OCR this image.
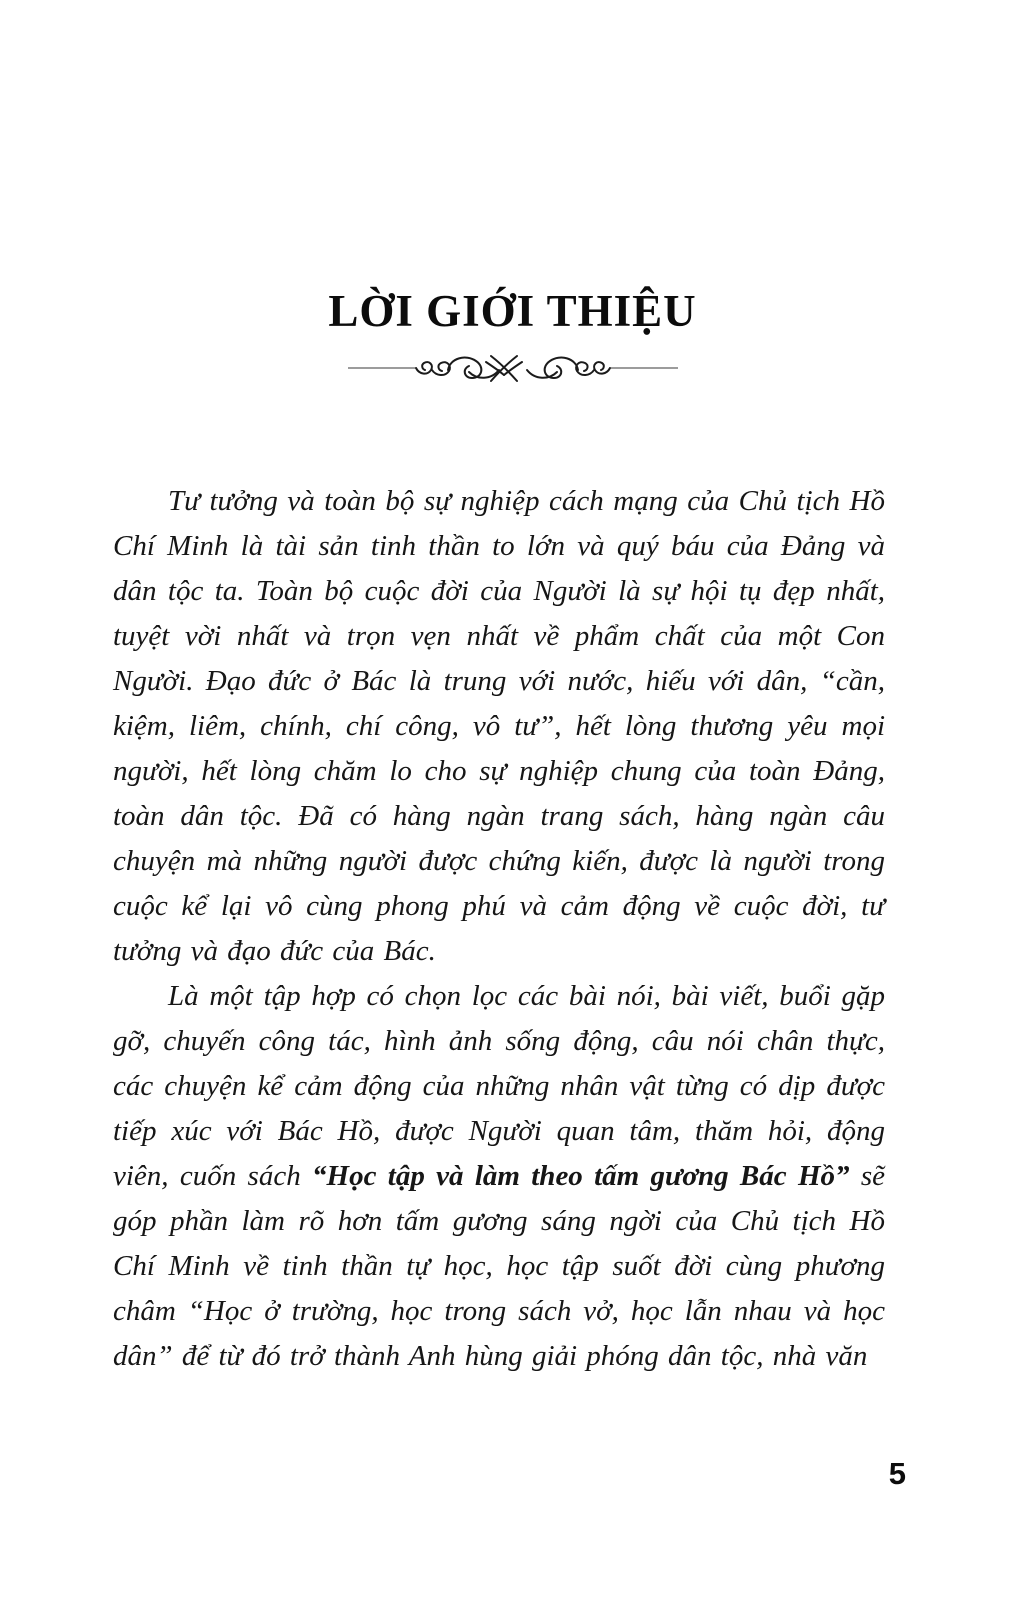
LỜI GIỚI THIỆU

Tư tưởng và toàn bộ sự nghiệp cách mạng của Chủ tịch Hồ Chí Minh là tài sản tinh thần to lớn và quý báu của Đảng và dân tộc ta. Toàn bộ cuộc đời của Người là sự hội tụ đẹp nhất, tuyệt vời nhất và trọn vẹn nhất về phẩm chất của một Con Người. Đạo đức ở Bác là trung với nước, hiếu với dân, “cần, kiệm, liêm, chính, chí công, vô tư”, hết lòng thương yêu mọi người, hết lòng chăm lo cho sự nghiệp chung của toàn Đảng, toàn dân tộc. Đã có hàng ngàn trang sách, hàng ngàn câu chuyện mà những người được chứng kiến, được là người trong cuộc kể lại vô cùng phong phú và cảm động về cuộc đời, tư tưởng và đạo đức của Bác.

Là một tập hợp có chọn lọc các bài nói, bài viết, buổi gặp gỡ, chuyến công tác, hình ảnh sống động, câu nói chân thực, các chuyện kể cảm động của những nhân vật từng có dịp được tiếp xúc với Bác Hồ, được Người quan tâm, thăm hỏi, động viên, cuốn sách “Học tập và làm theo tấm gương Bác Hồ” sẽ góp phần làm rõ hơn tấm gương sáng ngời của Chủ tịch Hồ Chí Minh về tinh thần tự học, học tập suốt đời cùng phương châm “Học ở trường, học trong sách vở, học lẫn nhau và học dân” để từ đó trở thành Anh hùng giải phóng dân tộc, nhà văn

5
